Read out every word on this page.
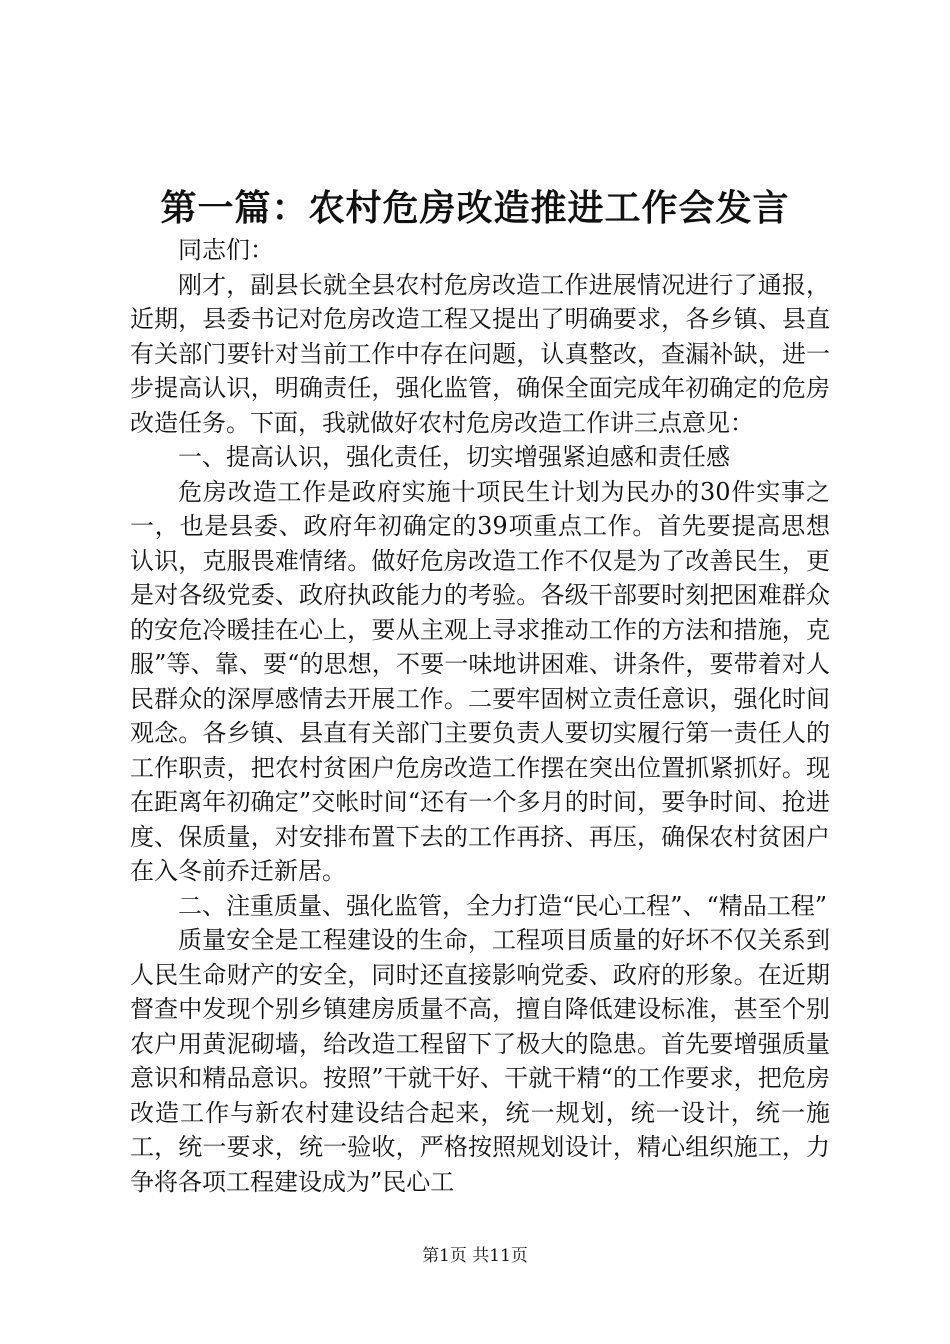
第一篇：农村危房改造推进工作会发言

同志们：

刚才，副县长就全县农村危房改造工作进展情况进行了通报，近期，县委书记对危房改造工程又提出了明确要求，各乡镇、县直有关部门要针对当前工作中存在问题，认真整改，查漏补缺，进一步提高认识，明确责任，强化监管，确保全面完成年初确定的危房改造任务。下面，我就做好农村危房改造工作讲三点意见：

一、提高认识，强化责任，切实增强紧迫感和责任感

危房改造工作是政府实施十项民生计划为民办的30件实事之一，也是县委、政府年初确定的39项重点工作。首先要提高思想认识，克服畏难情绪。做好危房改造工作不仅是为了改善民生，更是对各级党委、政府执政能力的考验。各级干部要时刻把困难群众的安危冷暖挂在心上，要从主观上寻求推动工作的方法和措施，克服”等、靠、要“的思想，不要一味地讲困难、讲条件，要带着对人民群众的深厚感情去开展工作。二要牢固树立责任意识，强化时间观念。各乡镇、县直有关部门主要负责人要切实履行第一责任人的工作职责，把农村贫困户危房改造工作摆在突出位置抓紧抓好。现在距离年初确定”交帐时间“还有一个多月的时间，要争时间、抢进度、保质量，对安排布置下去的工作再挤、再压，确保农村贫困户在入冬前乔迁新居。

二、注重质量、强化监管，全力打造“民心工程”、“精品工程”

质量安全是工程建设的生命，工程项目质量的好坏不仅关系到人民生命财产的安全，同时还直接影响党委、政府的形象。在近期督查中发现个别乡镇建房质量不高，擅自降低建设标准，甚至个别农户用黄泥砌墙，给改造工程留下了极大的隐患。首先要增强质量意识和精品意识。按照”干就干好、干就干精“的工作要求，把危房改造工作与新农村建设结合起来，统一规划，统一设计，统一施工，统一要求，统一验收，严格按照规划设计，精心组织施工，力争将各项工程建设成为”民心工

第1页 共11页
